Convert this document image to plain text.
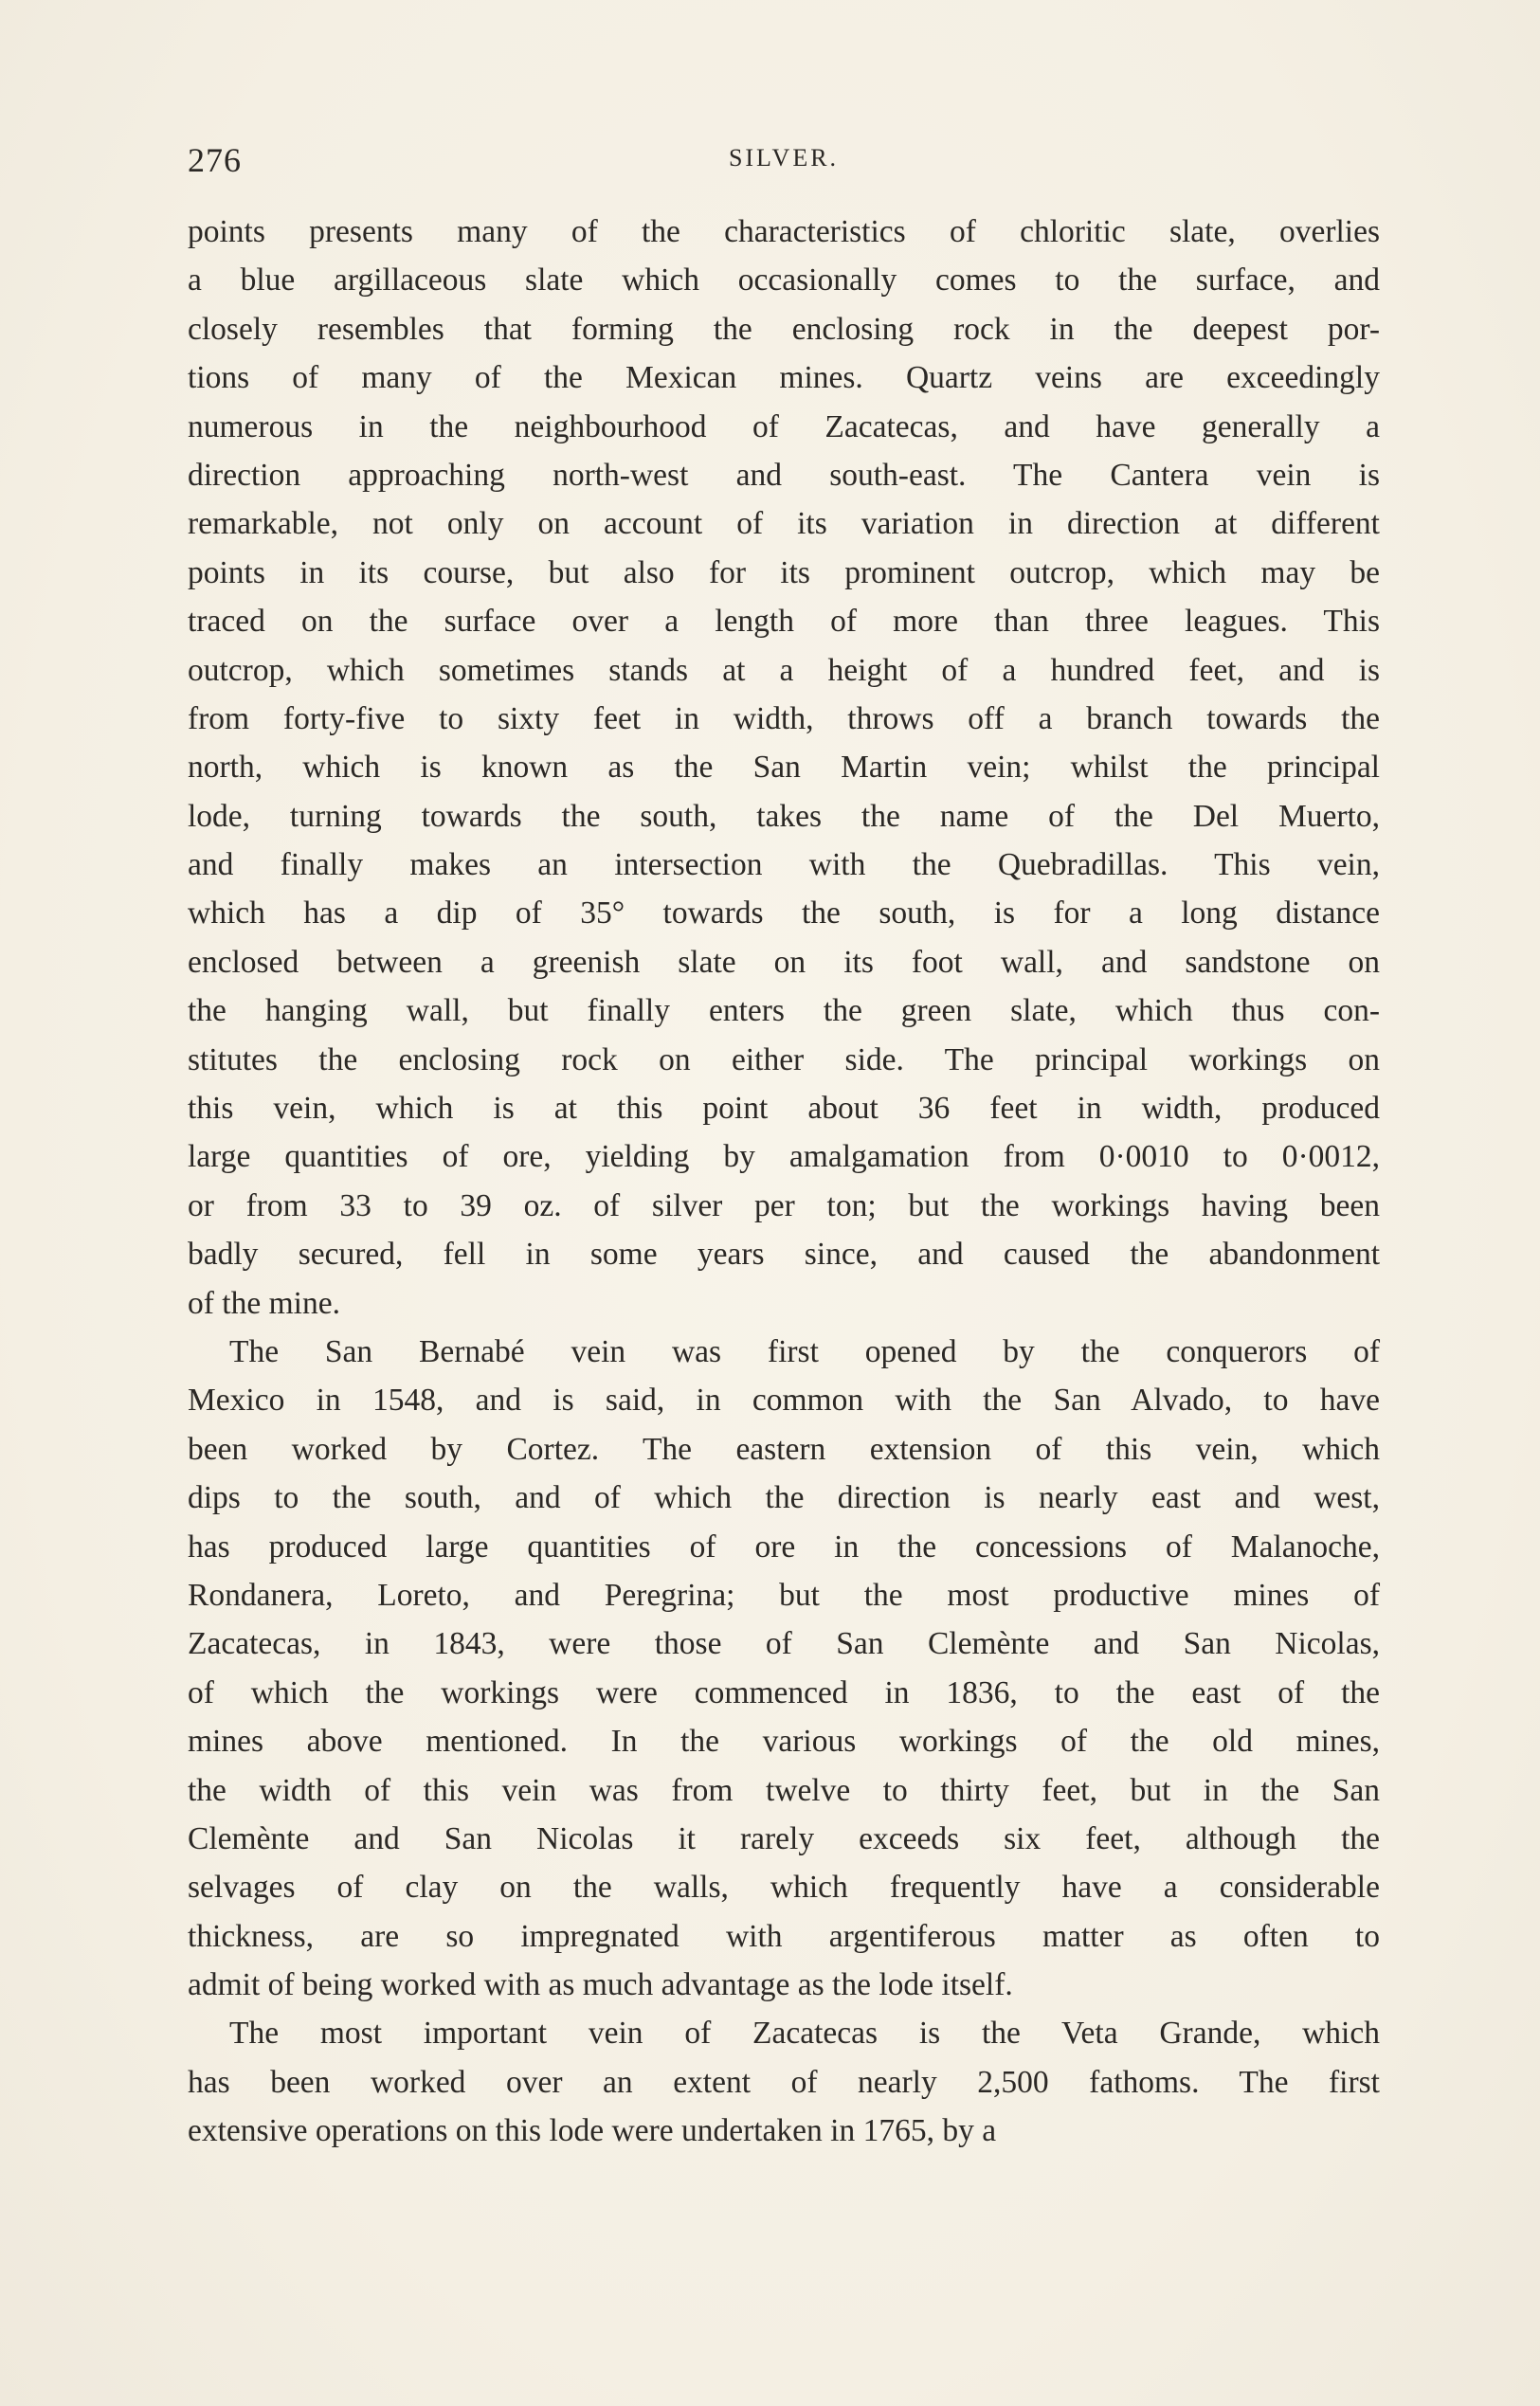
276	SILVER.
points presents many of the characteristics of chloritic slate, overlies
a blue argillaceous slate which occasionally comes to the surface, and
closely resembles that forming the enclosing rock in the deepest por-
tions of many of the Mexican mines. Quartz veins are exceedingly
numerous in the neighbourhood of Zacatecas, and have generally a
direction approaching north-west and south-east. The Cantera vein is
remarkable, not only on account of its variation in direction at different
points in its course, but also for its prominent outcrop, which may be
traced on the surface over a length of more than three leagues. This
outcrop, which sometimes stands at a height of a hundred feet, and is
from forty-five to sixty feet in width, throws off a branch towards the
north, which is known as the San Martin vein; whilst the principal
lode, turning towards the south, takes the name of the Del Muerto,
and finally makes an intersection with the Quebradillas. This vein,
which has a dip of 35° towards the south, is for a long distance
enclosed between a greenish slate on its foot wall, and sandstone on
the hanging wall, but finally enters the green slate, which thus con-
stitutes the enclosing rock on either side. The principal workings on
this vein, which is at this point about 36 feet in width, produced
large quantities of ore, yielding by amalgamation from 0·0010 to 0·0012,
or from 33 to 39 oz. of silver per ton; but the workings having been
badly secured, fell in some years since, and caused the abandonment
of the mine.
The San Bernabé vein was first opened by the conquerors of
Mexico in 1548, and is said, in common with the San Alvado, to have
been worked by Cortez. The eastern extension of this vein, which
dips to the south, and of which the direction is nearly east and west,
has produced large quantities of ore in the concessions of Malanoche,
Rondanera, Loreto, and Peregrina; but the most productive mines of
Zacatecas, in 1843, were those of San Clemènte and San Nicolas,
of which the workings were commenced in 1836, to the east of the
mines above mentioned. In the various workings of the old mines,
the width of this vein was from twelve to thirty feet, but in the San
Clemènte and San Nicolas it rarely exceeds six feet, although the
selvages of clay on the walls, which frequently have a considerable
thickness, are so impregnated with argentiferous matter as often to
admit of being worked with as much advantage as the lode itself.
The most important vein of Zacatecas is the Veta Grande, which
has been worked over an extent of nearly 2,500 fathoms. The first
extensive operations on this lode were undertaken in 1765, by a
